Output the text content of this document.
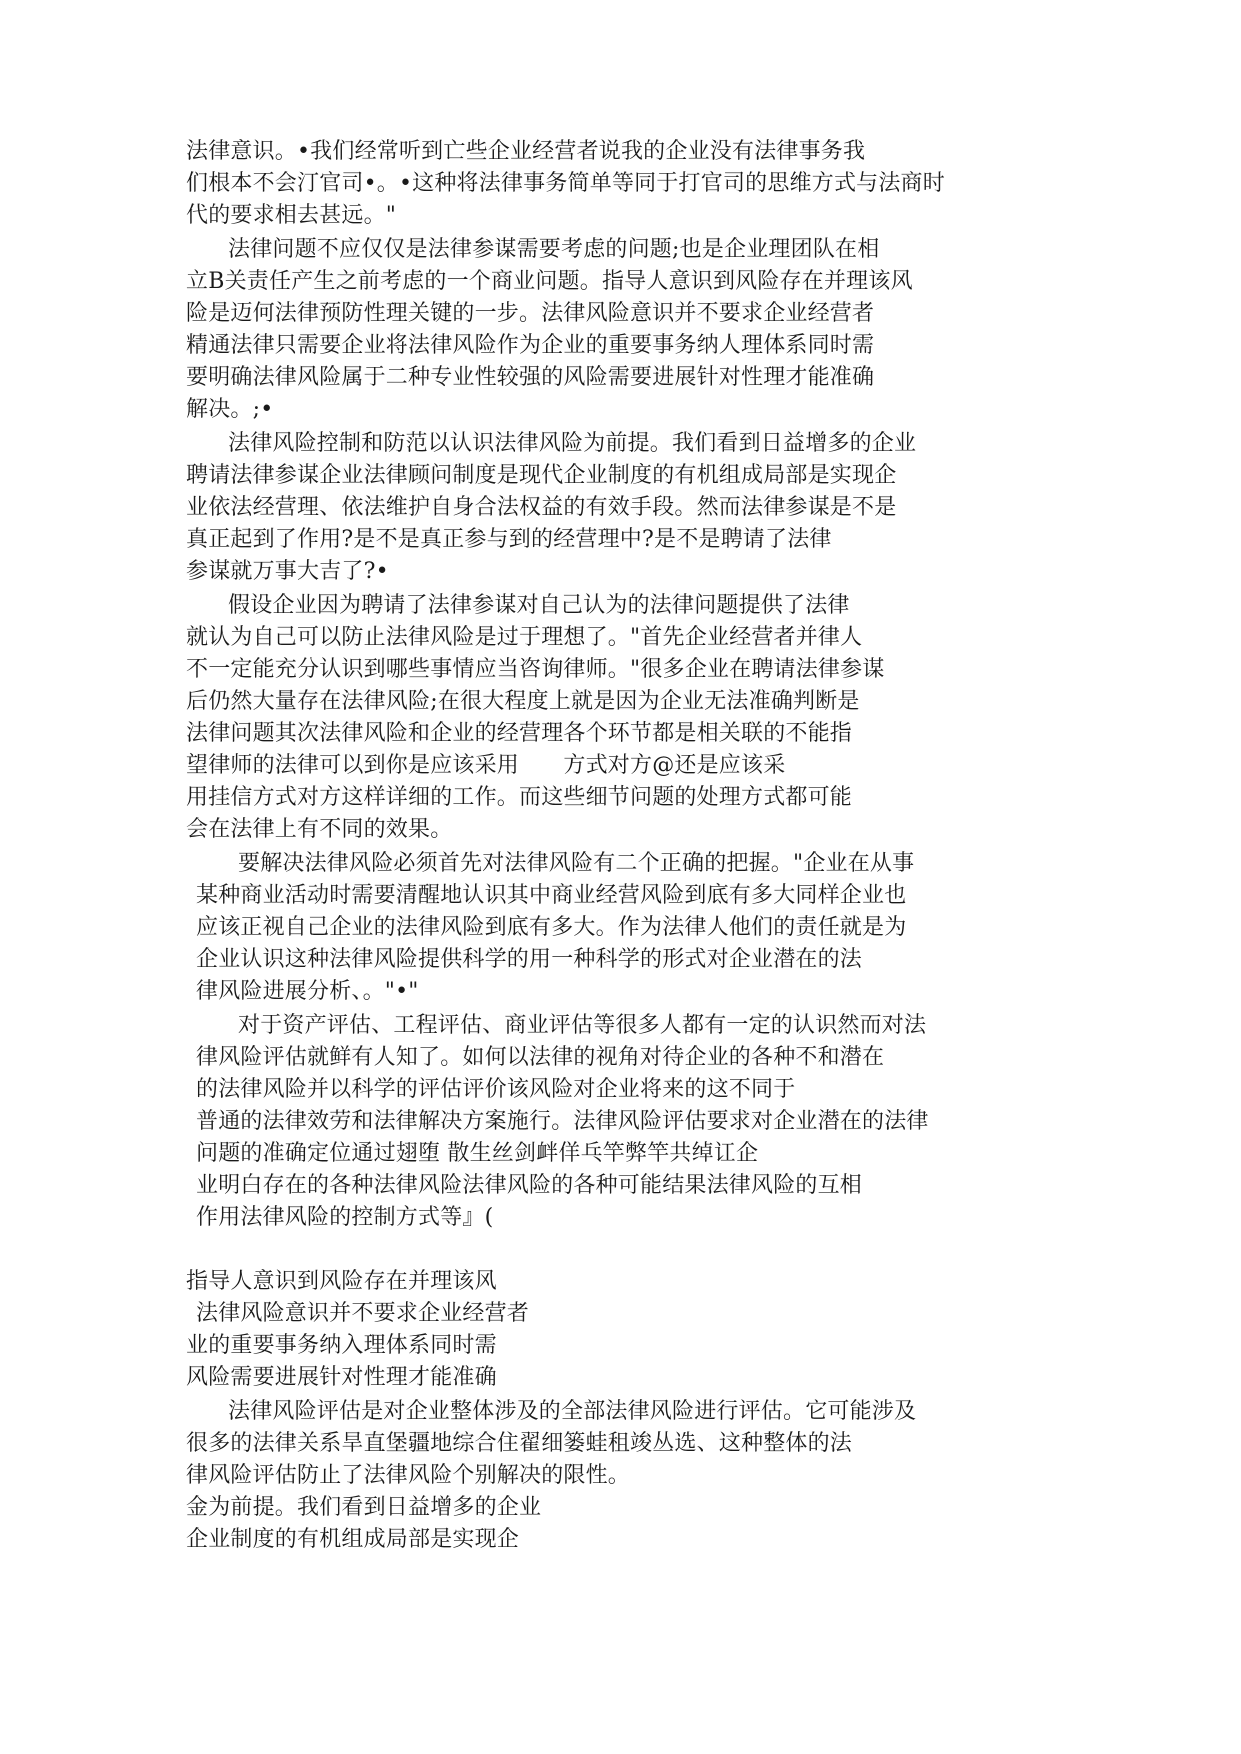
法律意识。•我们经常听到亡些企业经营者说我的企业没有法律事务我
们根本不会汀官司•。•这种将法律事务简单等同于打官司的思维方式与法商时
代的要求相去甚远。"
法律问题不应仅仅是法律参谋需要考虑的问题;也是企业理团队在相
立B关责任产生之前考虑的一个商业问题。指导人意识到风险存在并理该风
险是迈何法律预防性理关键的一步。法律风险意识并不要求企业经营者
精通法律只需要企业将法律风险作为企业的重要事务纳人理体系同时需
要明确法律风险属于二种专业性较强的风险需要进展针对性理才能准确
解决。;•
法律风险控制和防范以认识法律风险为前提。我们看到日益增多的企业
聘请法律参谋企业法律顾问制度是现代企业制度的有机组成局部是实现企
业依法经营理、依法维护自身合法权益的有效手段。然而法律参谋是不是
真正起到了作用?是不是真正参与到的经营理中?是不是聘请了法律
参谋就万事大吉了?•
假设企业因为聘请了法律参谋对自己认为的法律问题提供了法律
就认为自己可以防止法律风险是过于理想了。"首先企业经营者并律人
不一定能充分认识到哪些事情应当咨询律师。"很多企业在聘请法律参谋
后仍然大量存在法律风险;在很大程度上就是因为企业无法准确判断是
法律问题其次法律风险和企业的经营理各个环节都是相关联的不能指
望律师的法律可以到你是应该采用　　方式对方@还是应该采
用挂信方式对方这样详细的工作。而这些细节问题的处理方式都可能
会在法律上有不同的效果。
要解决法律风险必须首先对法律风险有二个正确的把握。"企业在从事
某种商业活动时需要清醒地认识其中商业经营风险到底有多大同样企业也
应该正视自己企业的法律风险到底有多大。作为法律人他们的责任就是为
企业认识这种法律风险提供科学的用一种科学的形式对企业潜在的法
律风险进展分析、。"•"
对于资产评估、工程评估、商业评估等很多人都有一定的认识然而对法
律风险评估就鲜有人知了。如何以法律的视角对待企业的各种不和潜在
的法律风险并以科学的评估评价该风险对企业将来的这不同于
普通的法律效劳和法律解决方案施行。法律风险评估要求对企业潜在的法律
问题的准确定位通过翅堕 散生丝剑衅佯乓竿弊竿共绰讧企
业明白存在的各种法律风险法律风险的各种可能结果法律风险的互相
作用法律风险的控制方式等』(
指导人意识到风险存在并理该风
法律风险意识并不要求企业经营者
业的重要事务纳入理体系同时需
风险需要进展针对性理才能准确
法律风险评估是对企业整体涉及的全部法律风险进行评估。它可能涉及
很多的法律关系旱直堡疆地综合住翟细篓蛙租竣丛选、这种整体的法
律风险评估防止了法律风险个别解决的限性。
金为前提。我们看到日益增多的企业
企业制度的有机组成局部是实现企
